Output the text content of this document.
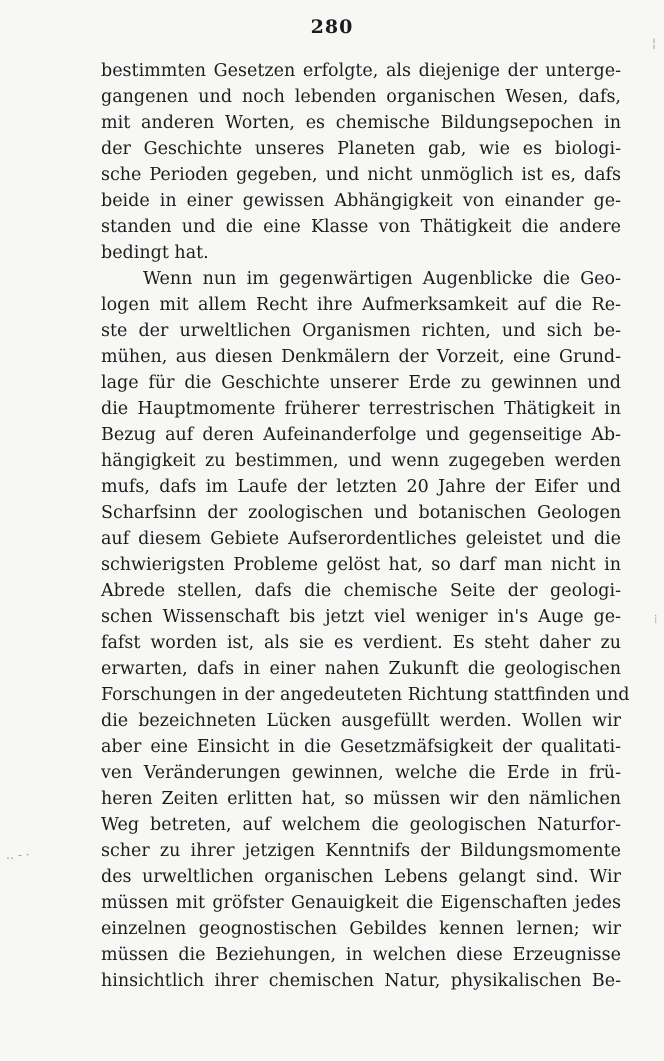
280
bestimmten Gesetzen erfolgte, als diejenige der unterge-
gangenen und noch lebenden organischen Wesen, dafs,
mit anderen Worten, es chemische Bildungsepochen in
der Geschichte unseres Planeten gab, wie es biologi-
sche Perioden gegeben, und nicht unmöglich ist es, dafs
beide in einer gewissen Abhängigkeit von einander ge-
standen und die eine Klasse von Thätigkeit die andere
bedingt hat.
Wenn nun im gegenwärtigen Augenblicke die Geo-
logen mit allem Recht ihre Aufmerksamkeit auf die Re-
ste der urweltlichen Organismen richten, und sich be-
mühen, aus diesen Denkmälern der Vorzeit, eine Grund-
lage für die Geschichte unserer Erde zu gewinnen und
die Hauptmomente früherer terrestrischen Thätigkeit in
Bezug auf deren Aufeinanderfolge und gegenseitige Ab-
hängigkeit zu bestimmen, und wenn zugegeben werden
mufs, dafs im Laufe der letzten 20 Jahre der Eifer und
Scharfsinn der zoologischen und botanischen Geologen
auf diesem Gebiete Aufserordentliches geleistet und die
schwierigsten Probleme gelöst hat, so darf man nicht in
Abrede stellen, dafs die chemische Seite der geologi-
schen Wissenschaft bis jetzt viel weniger in's Auge ge-
fafst worden ist, als sie es verdient. Es steht daher zu
erwarten, dafs in einer nahen Zukunft die geologischen
Forschungen in der angedeuteten Richtung stattfinden und
die bezeichneten Lücken ausgefüllt werden. Wollen wir
aber eine Einsicht in die Gesetzmäfsigkeit der qualitati-
ven Veränderungen gewinnen, welche die Erde in frü-
heren Zeiten erlitten hat, so müssen wir den nämlichen
Weg betreten, auf welchem die geologischen Naturfor-
scher zu ihrer jetzigen Kenntnifs der Bildungsmomente
des urweltlichen organischen Lebens gelangt sind. Wir
müssen mit gröfster Genauigkeit die Eigenschaften jedes
einzelnen geognostischen Gebildes kennen lernen; wir
müssen die Beziehungen, in welchen diese Erzeugnisse
hinsichtlich ihrer chemischen Natur, physikalischen Be-
¦
⁞
‥ ‐ ·
